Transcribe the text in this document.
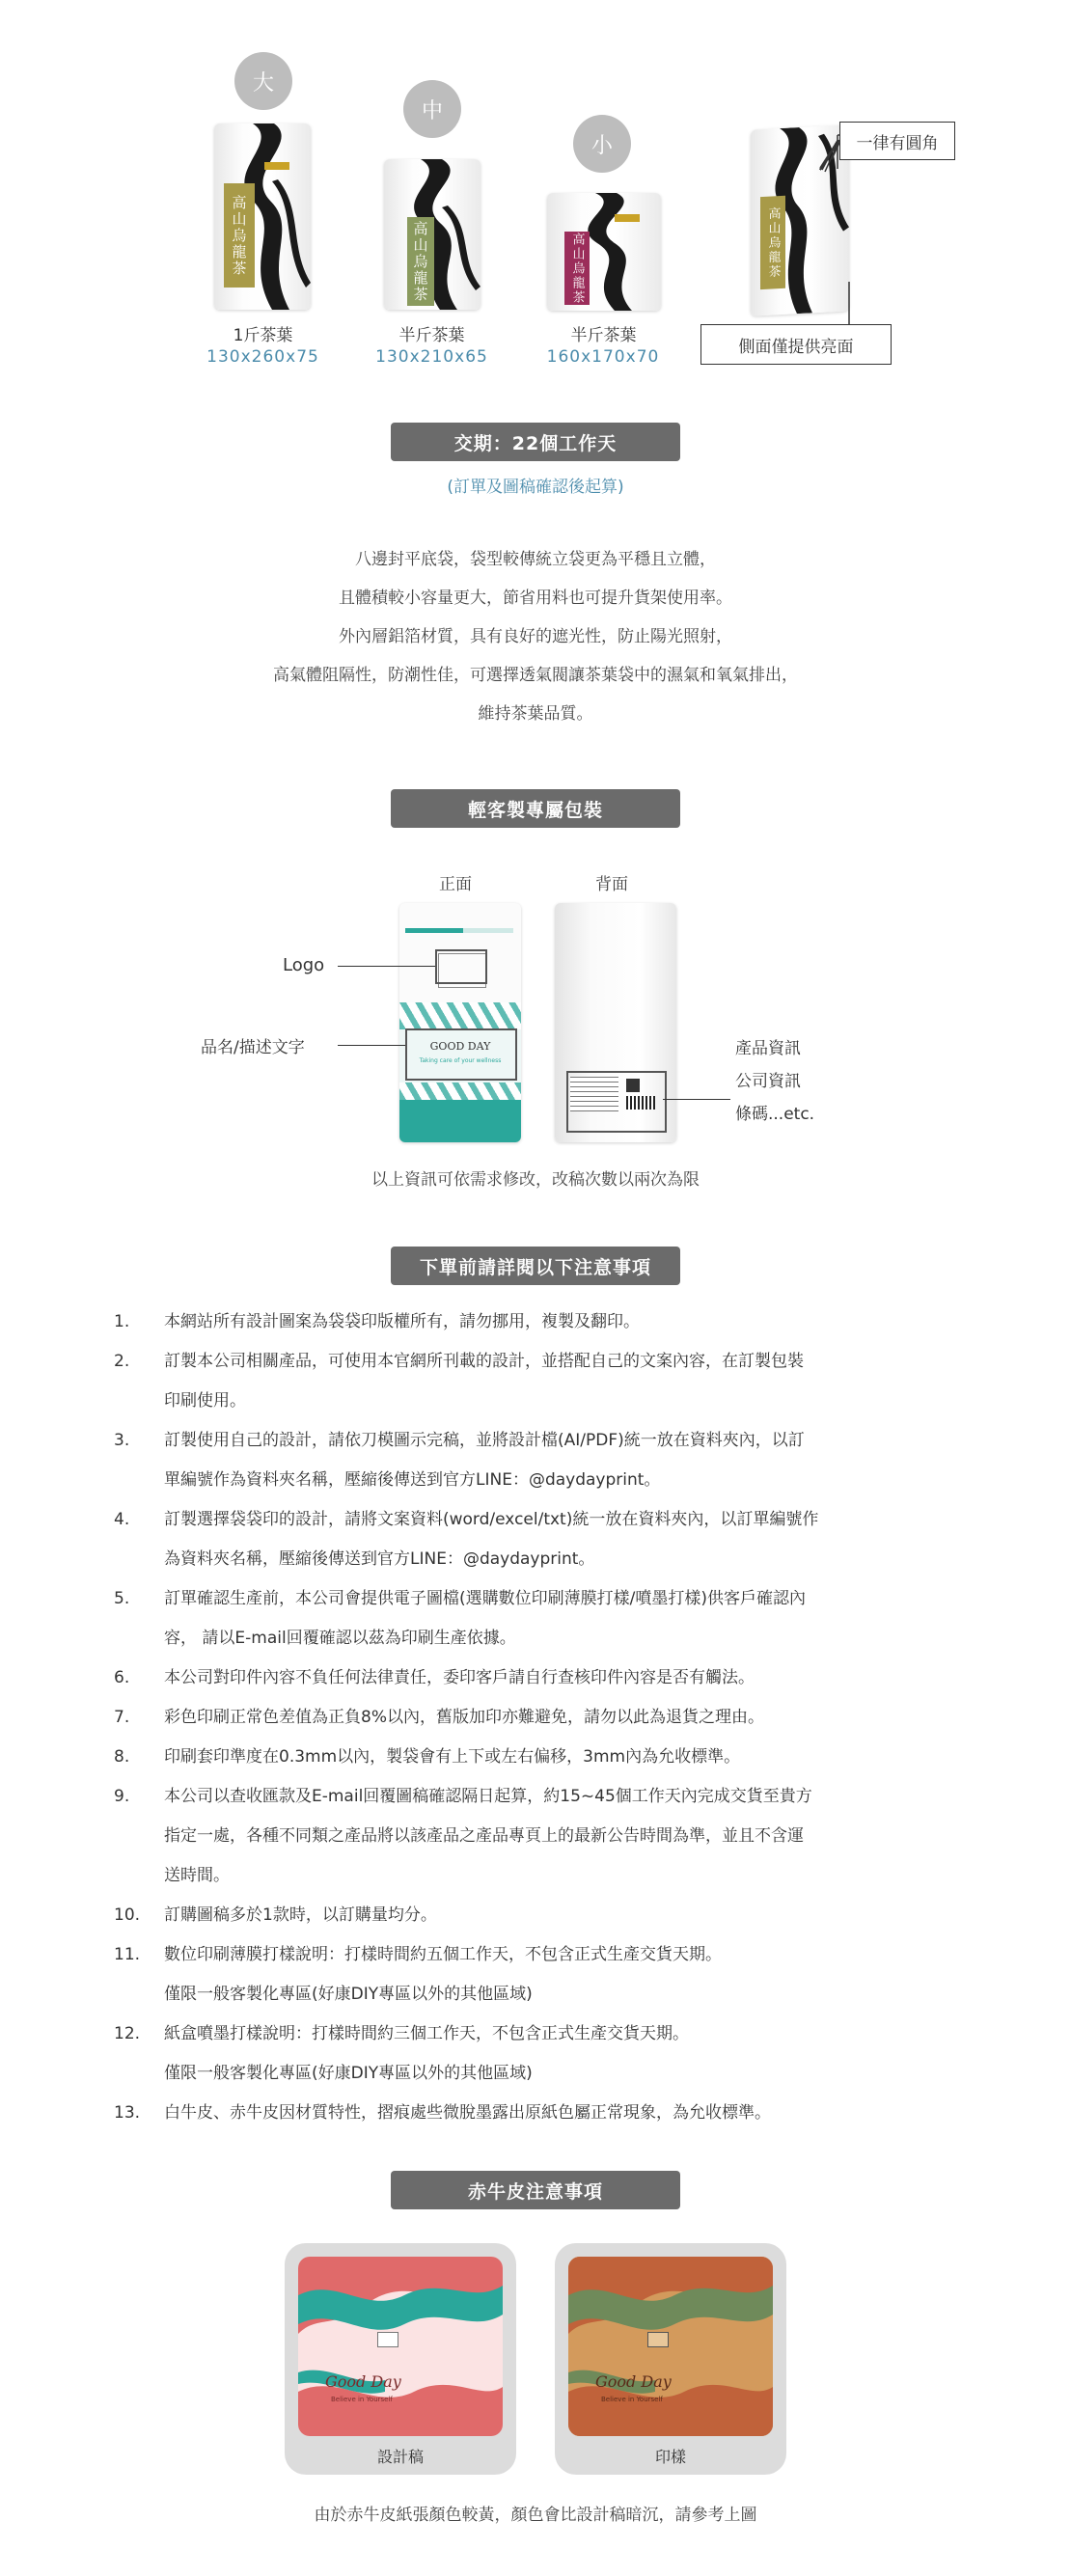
大
中
小
高山烏龍茶
1斤茶葉
130x260x75
高山烏龍茶
半斤茶葉
130x210x65
高山烏龍茶
半斤茶葉
160x170x70
高山烏龍茶
一律有圓角
側面僅提供亮面
交期：22個工作天
(訂單及圖稿確認後起算)
八邊封平底袋，袋型較傳統立袋更為平穩且立體，
且體積較小容量更大，節省用料也可提升貨架使用率。
外內層鋁箔材質，具有良好的遮光性，防止陽光照射，
高氣體阻隔性，防潮性佳，可選擇透氣閥讓茶葉袋中的濕氣和氧氣排出，
維持茶葉品質。
輕客製專屬包裝
正面	背面
GOOD DAY
Taking care of your wellness
Logo
品名/描述文字	產品資訊
公司資訊
條碼...etc.
以上資訊可依需求修改，改稿次數以兩次為限
下單前請詳閱以下注意事項
1.	本網站所有設計圖案為袋袋印版權所有，請勿挪用，複製及翻印。
2.	訂製本公司相關產品，可使用本官網所刊載的設計，並搭配自己的文案內容，在訂製包裝
印刷使用。
3.	訂製使用自己的設計，請依刀模圖示完稿，並將設計檔(AI/PDF)統一放在資料夾內，以訂
單編號作為資料夾名稱，壓縮後傳送到官方LINE：@daydayprint。
4.	訂製選擇袋袋印的設計，請將文案資料(word/excel/txt)統一放在資料夾內，以訂單編號作
為資料夾名稱，壓縮後傳送到官方LINE：@daydayprint。
5.	訂單確認生產前，本公司會提供電子圖檔(選購數位印刷薄膜打樣/噴墨打樣)供客戶確認內
容， 請以E-mail回覆確認以茲為印刷生產依據。
6.	本公司對印件內容不負任何法律責任，委印客戶請自行查核印件內容是否有觸法。
7.	彩色印刷正常色差值為正負8%以內，舊版加印亦難避免，請勿以此為退貨之理由。
8.	印刷套印準度在0.3mm以內，製袋會有上下或左右偏移，3mm內為允收標準。
9.	本公司以查收匯款及E-mail回覆圖稿確認隔日起算，約15~45個工作天內完成交貨至貴方
指定一處，各種不同類之產品將以該產品之產品專頁上的最新公告時間為準，並且不含運
送時間。
10.	訂購圖稿多於1款時，以訂購量均分。
11.	數位印刷薄膜打樣說明：打樣時間約五個工作天，不包含正式生產交貨天期。
僅限一般客製化專區(好康DIY專區以外的其他區域)
12.	紙盒噴墨打樣說明：打樣時間約三個工作天，不包含正式生產交貨天期。
僅限一般客製化專區(好康DIY專區以外的其他區域)
13.	白牛皮、赤牛皮因材質特性，摺痕處些微脫墨露出原紙色屬正常現象，為允收標準。
赤牛皮注意事項
Good Day
Believe in Yourself
設計稿
Good Day
Believe in Yourself
印樣
由於赤牛皮紙張顏色較黃，顏色會比設計稿暗沉，請參考上圖
